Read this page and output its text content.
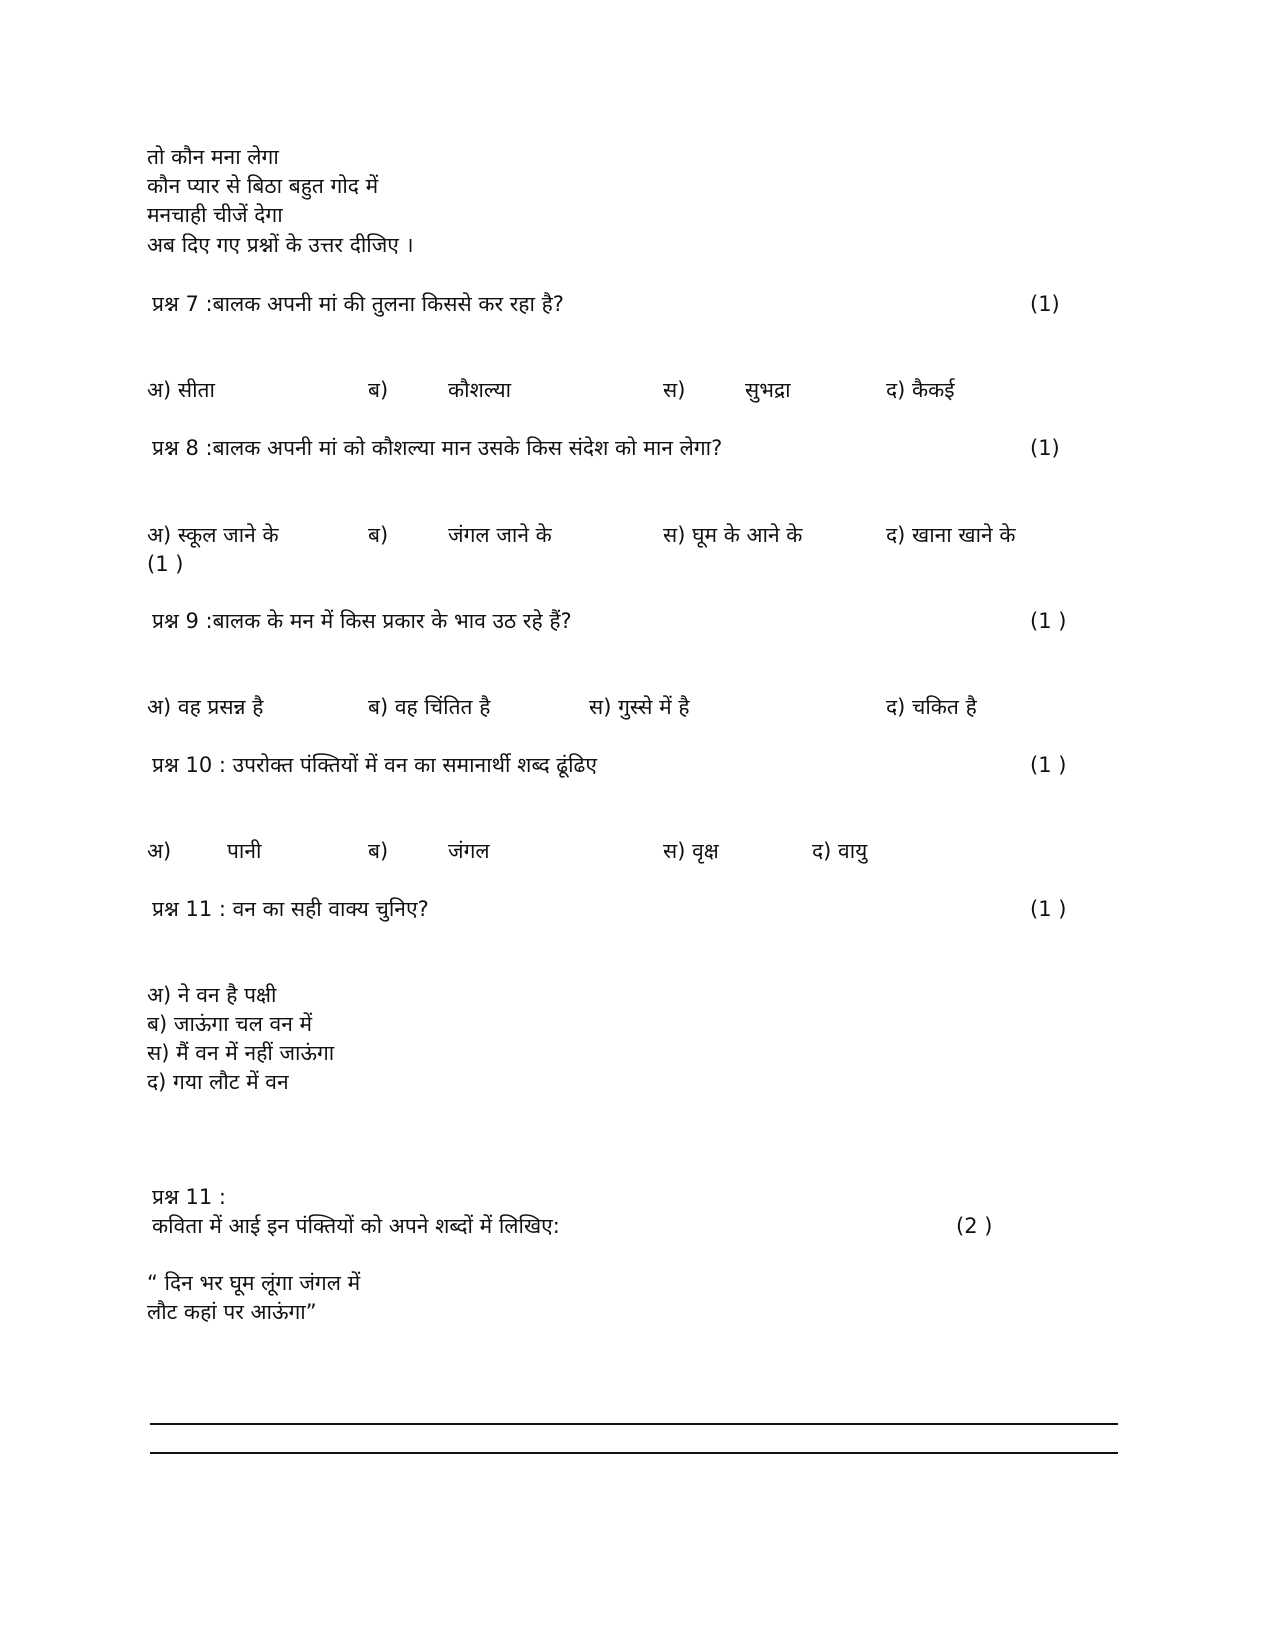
तो कौन मना लेगा
कौन प्यार से बिठा बहुत गोद में
मनचाही चीजें देगा
अब दिए गए प्रश्नों के उत्तर दीजिए ।
प्रश्न 7 :बालक अपनी मां की तुलना किससे कर रहा है?	(1)
अ) सीता	ब)	कौशल्या	स)	सुभद्रा	द) कैकई
प्रश्न 8 :बालक अपनी मां को कौशल्या मान उसके किस संदेश को मान लेगा?	(1)
अ) स्कूल जाने के	ब)	जंगल जाने के	स) घूम के आने के	द) खाना खाने के
(1 )
प्रश्न 9 :बालक के मन में किस प्रकार के भाव उठ रहे हैं?	(1 )
अ) वह प्रसन्न है	ब) वह चिंतित है	स) गुस्से में है	द) चकित है
प्रश्न 10 : उपरोक्त पंक्तियों में वन का समानार्थी शब्द ढूंढिए	(1 )
अ)	पानी	ब)	जंगल	स) वृक्ष	द) वायु
प्रश्न 11 : वन का सही वाक्य चुनिए?	(1 )
अ) ने वन है पक्षी
ब) जाऊंगा चल वन में
स) मैं वन में नहीं जाऊंगा
द) गया लौट में वन
प्रश्न 11 :
कविता में आई इन पंक्तियों को अपने शब्दों में लिखिए:	(2 )
“ दिन भर घूम लूंगा जंगल में
लौट कहां पर आऊंगा”
